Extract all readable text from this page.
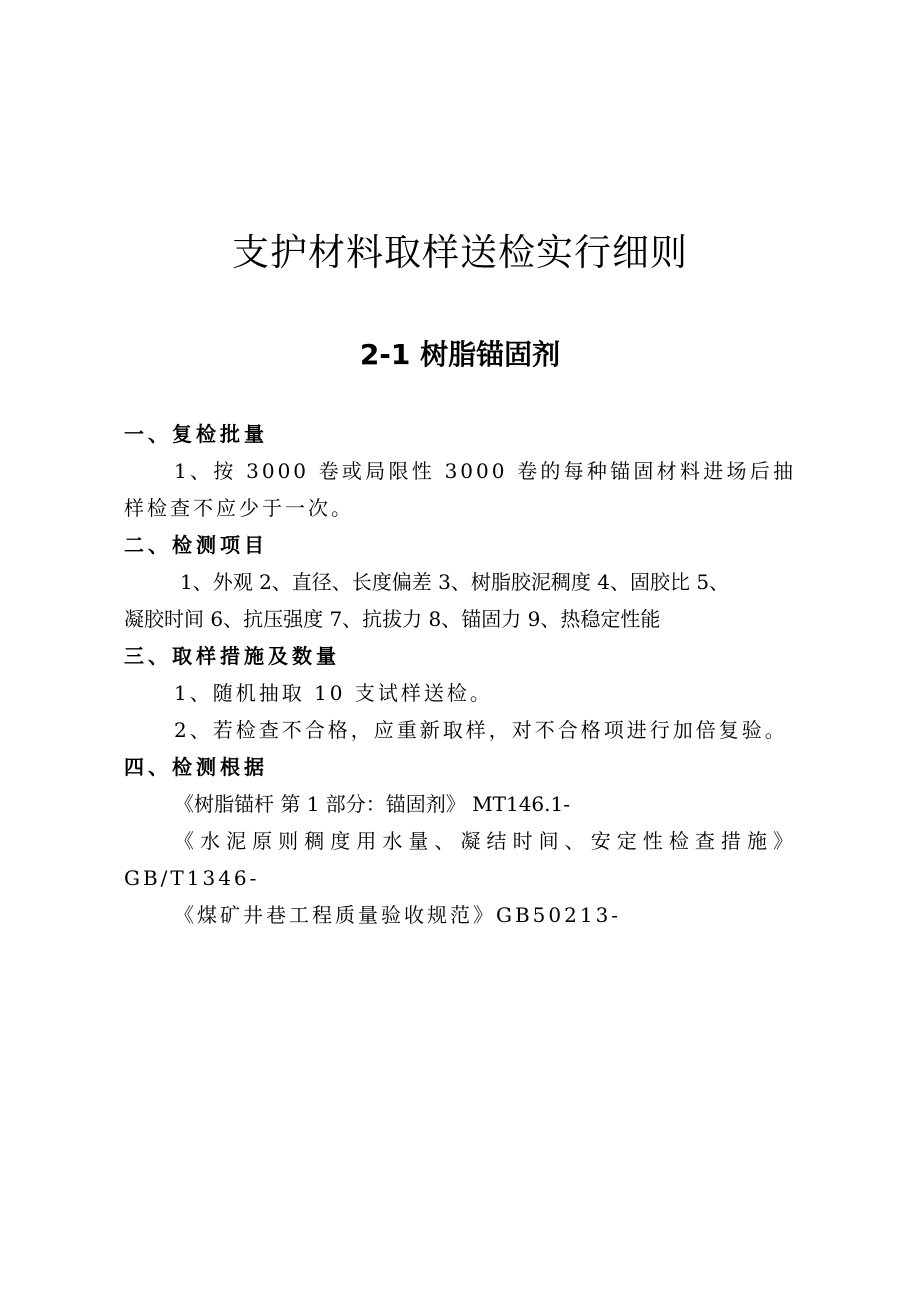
支护材料取样送检实行细则
2-1 树脂锚固剂
一、复检批量
1、按 3000 卷或局限性 3000 卷的每种锚固材料进场后抽样检查不应少于一次。
二、检测项目
1、外观 2、直径、长度偏差 3、树脂胶泥稠度 4、固胶比 5、
凝胶时间 6、抗压强度 7、抗拔力 8、锚固力 9、热稳定性能
三、取样措施及数量
1、随机抽取 10 支试样送检。
2、若检查不合格，应重新取样，对不合格项进行加倍复验。
四、检测根据
《树脂锚杆 第 1 部分：锚固剂》 MT146.1-
《水泥原则稠度用水量、凝结时间、安定性检查措施》GB/T1346-
《煤矿井巷工程质量验收规范》GB50213-
